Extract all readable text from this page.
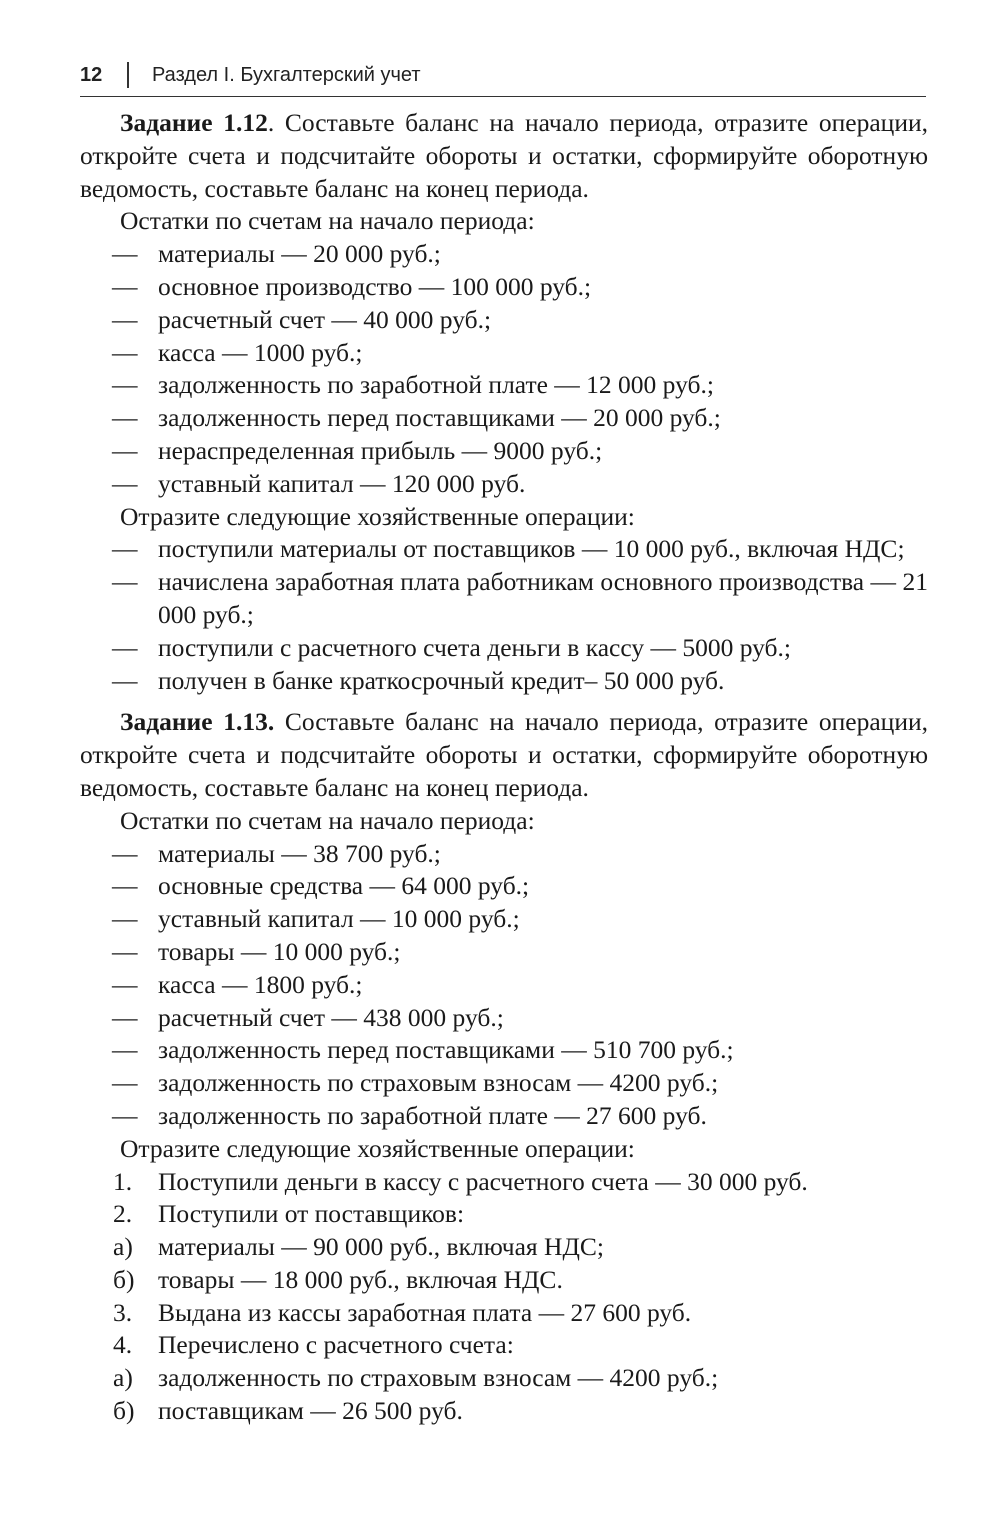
12 Раздел I. Бухгалтерский учет

Задание 1.12. Составьте баланс на начало периода, отразите операции, откройте счета и подсчитайте обороты и остатки, сформируйте оборотную ведомость, составьте баланс на конец периода.

Остатки по счетам на начало периода:

— материалы — 20 000 руб.;

— основное производство — 100 000 руб.;

— расчетный счет — 40 000 руб.;

— касса — 1000 руб.;

— задолженность по заработной плате — 12 000 руб.;

— задолженность перед поставщиками — 20 000 руб.;

— нераспределенная прибыль — 9000 руб.;

— уставный капитал — 120 000 руб.

Отразите следующие хозяйственные операции:

— поступили материалы от поставщиков — 10 000 руб., включая НДС;

— начислена заработная плата работникам основного производства — 21 000 руб.;

— поступили с расчетного счета деньги в кассу — 5000 руб.;

— получен в банке краткосрочный кредит– 50 000 руб.

Задание 1.13. Составьте баланс на начало периода, отразите операции, откройте счета и подсчитайте обороты и остатки, сформируйте оборотную ведомость, составьте баланс на конец периода.

Остатки по счетам на начало периода:

— материалы — 38 700 руб.;

— основные средства — 64 000 руб.;

— уставный капитал — 10 000 руб.;

— товары — 10 000 руб.;

— касса — 1800 руб.;

— расчетный счет — 438 000 руб.;

— задолженность перед поставщиками — 510 700 руб.;

— задолженность по страховым взносам — 4200 руб.;

— задолженность по заработной плате — 27 600 руб.

Отразите следующие хозяйственные операции:

1. Поступили деньги в кассу с расчетного счета — 30 000 руб.

2. Поступили от поставщиков:

а) материалы — 90 000 руб., включая НДС;

б) товары — 18 000 руб., включая НДС.

3. Выдана из кассы заработная плата — 27 600 руб.

4. Перечислено с расчетного счета:

а) задолженность по страховым взносам — 4200 руб.;

б) поставщикам — 26 500 руб.
